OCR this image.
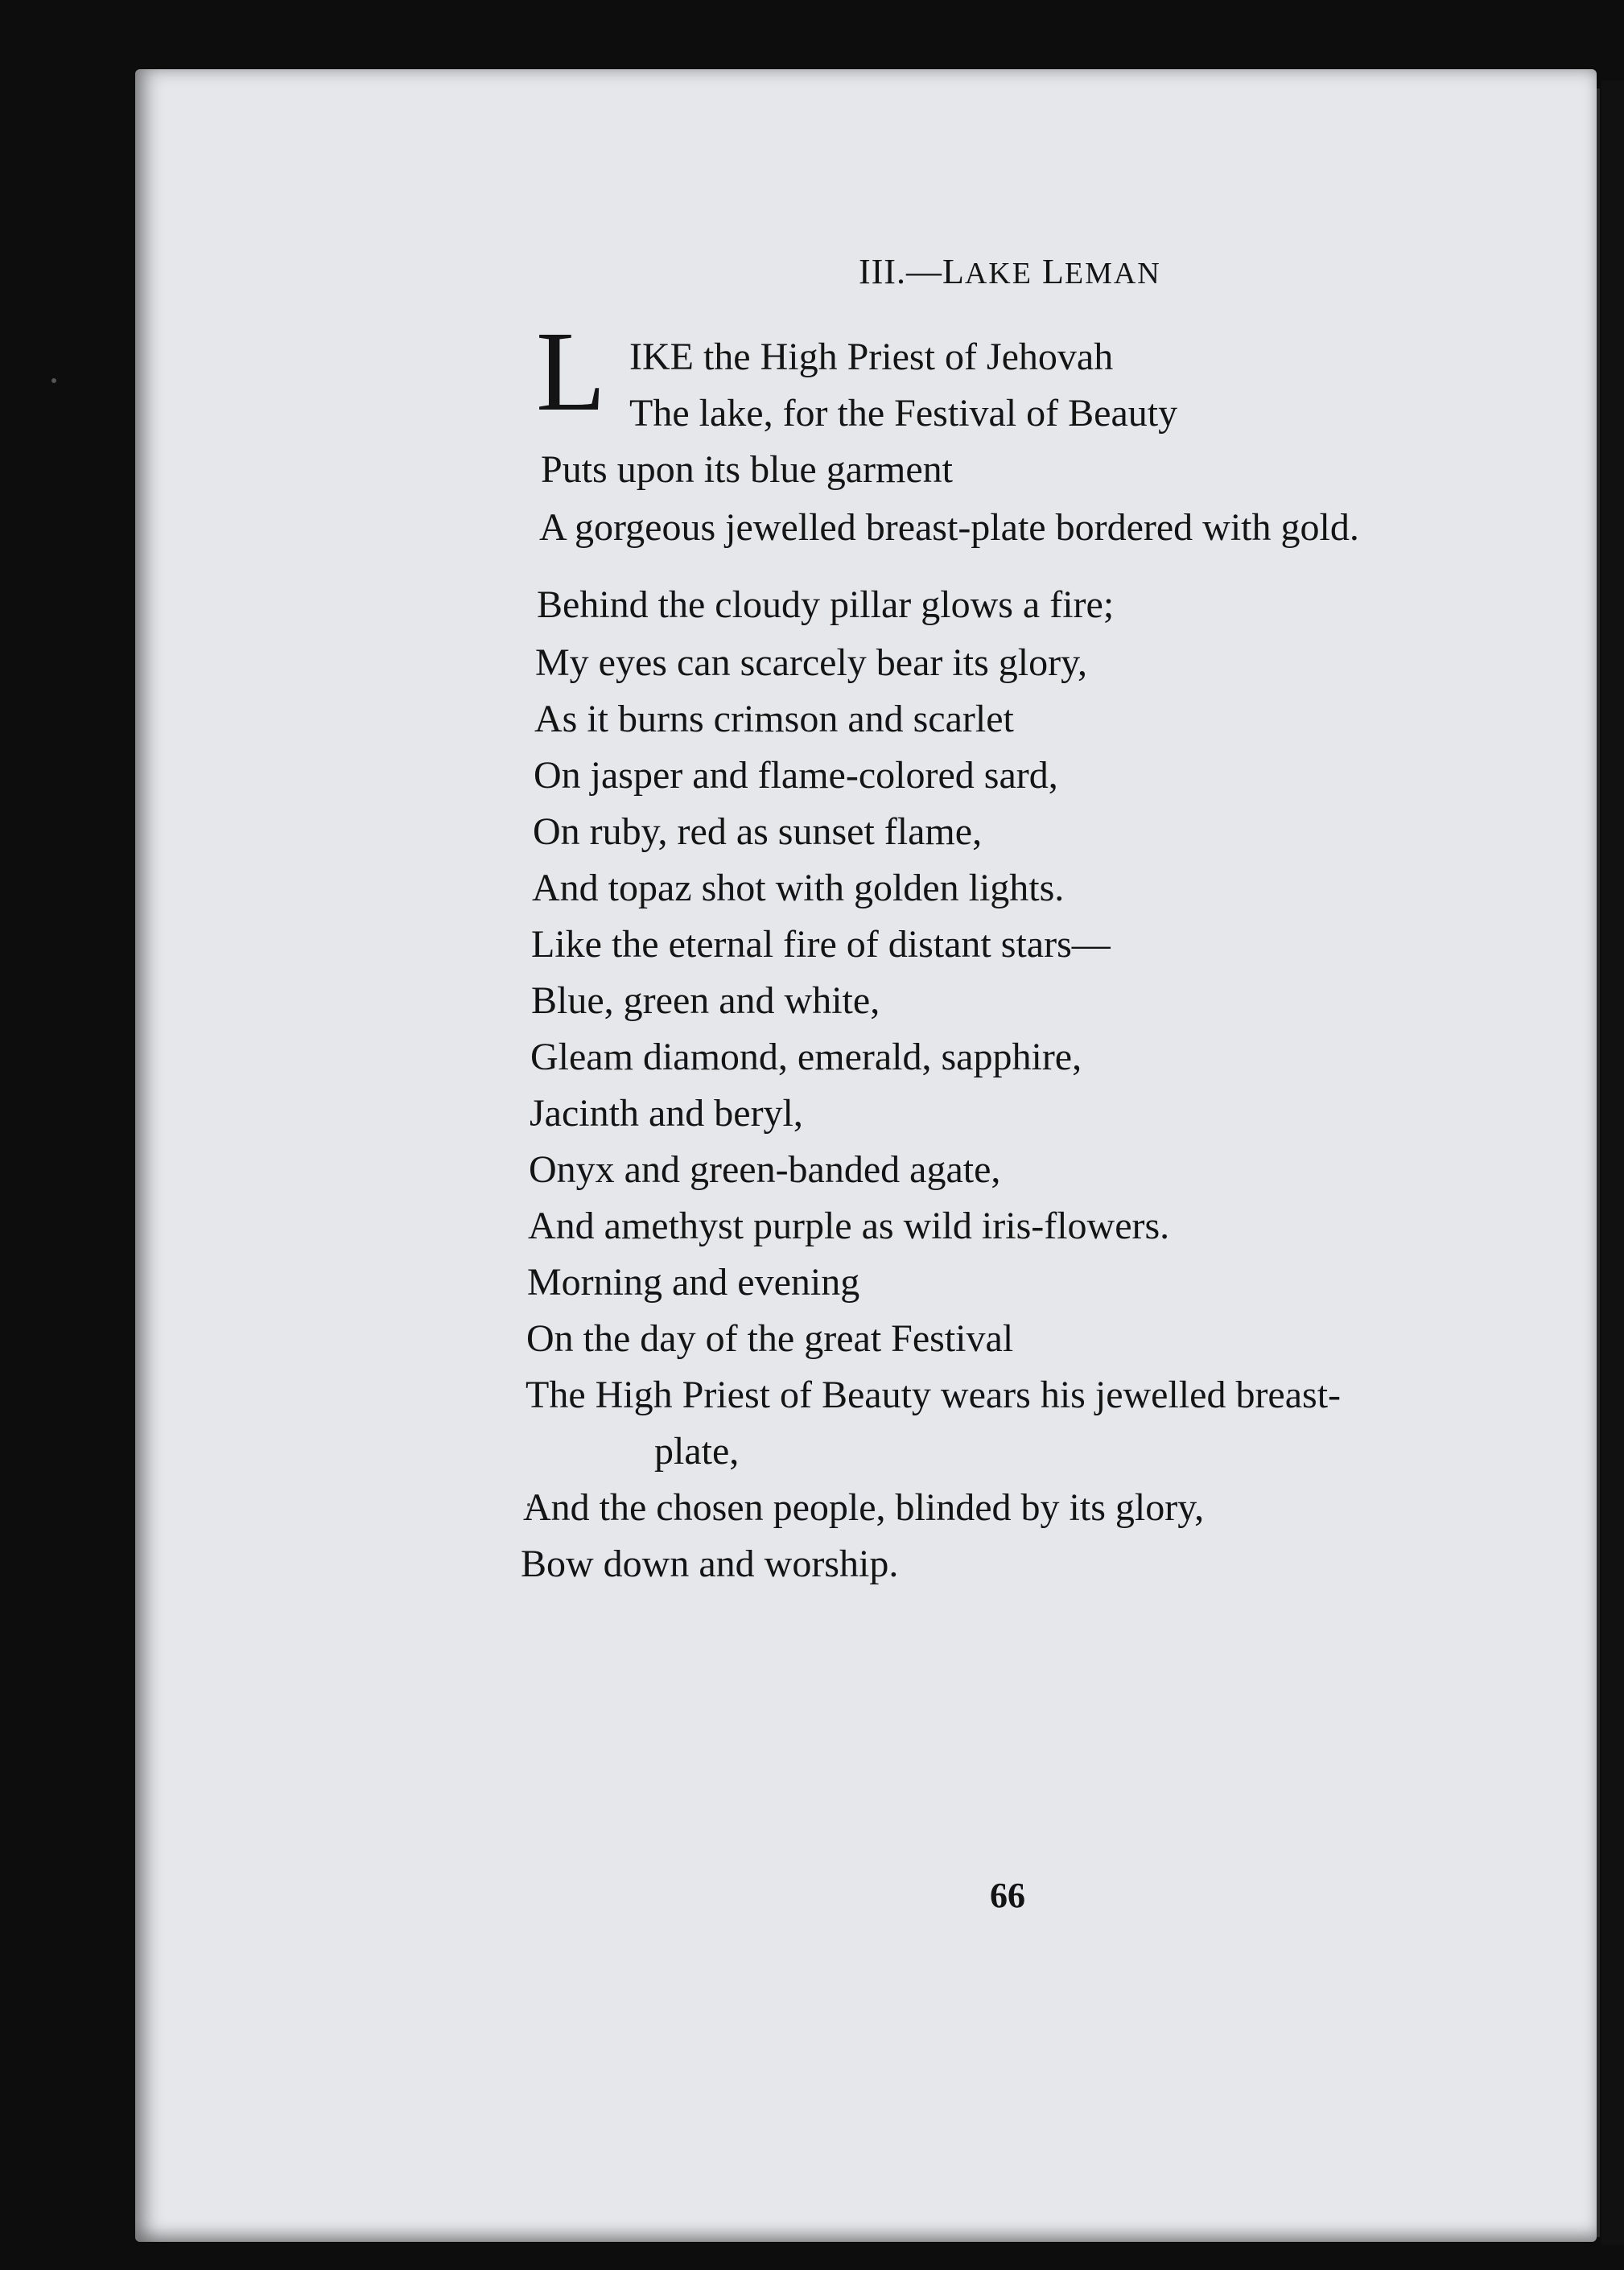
III.—LAKE LEMAN
L IKE the High Priest of Jehovah
The lake, for the Festival of Beauty
Puts upon its blue garment
A gorgeous jewelled breast-plate bordered with gold.
Behind the cloudy pillar glows a fire;
My eyes can scarcely bear its glory,
As it burns crimson and scarlet
On jasper and flame-colored sard,
On ruby, red as sunset flame,
And topaz shot with golden lights.
Like the eternal fire of distant stars—
Blue, green and white,
Gleam diamond, emerald, sapphire,
Jacinth and beryl,
Onyx and green-banded agate,
And amethyst purple as wild iris-flowers.
Morning and evening
On the day of the great Festival
The High Priest of Beauty wears his jewelled breast-
plate,
And the chosen people, blinded by its glory,
Bow down and worship.
66
